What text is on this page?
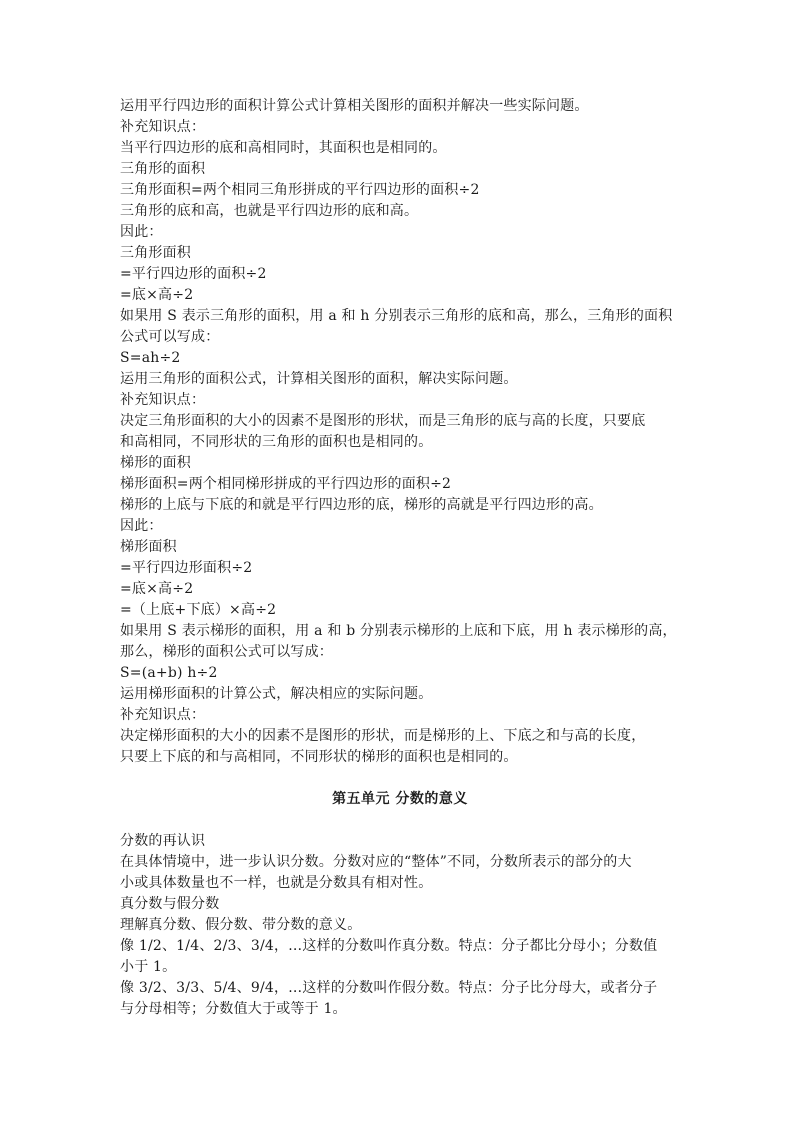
运用平行四边形的面积计算公式计算相关图形的面积并解决一些实际问题。
补充知识点：
当平行四边形的底和高相同时，其面积也是相同的。
三角形的面积
三角形面积=两个相同三角形拼成的平行四边形的面积÷2
三角形的底和高，也就是平行四边形的底和高。
因此：
三角形面积
=平行四边形的面积÷2
=底×高÷2
如果用 S 表示三角形的面积，用 a 和 h 分别表示三角形的底和高，那么，三角形的面积
公式可以写成：
S=ah÷2
运用三角形的面积公式，计算相关图形的面积，解决实际问题。
补充知识点：
决定三角形面积的大小的因素不是图形的形状，而是三角形的底与高的长度，只要底
和高相同，不同形状的三角形的面积也是相同的。
梯形的面积
梯形面积=两个相同梯形拼成的平行四边形的面积÷2
梯形的上底与下底的和就是平行四边形的底，梯形的高就是平行四边形的高。
因此：
梯形面积
=平行四边形面积÷2
=底×高÷2
=（上底+下底）×高÷2
如果用 S 表示梯形的面积，用 a 和 b 分别表示梯形的上底和下底，用 h 表示梯形的高，
那么，梯形的面积公式可以写成：
S=(a+b) h÷2
运用梯形面积的计算公式，解决相应的实际问题。
补充知识点：
决定梯形面积的大小的因素不是图形的形状，而是梯形的上、下底之和与高的长度，
只要上下底的和与高相同，不同形状的梯形的面积也是相同的。
第五单元 分数的意义
分数的再认识
在具体情境中，进一步认识分数。分数对应的“整体”不同，分数所表示的部分的大
小或具体数量也不一样，也就是分数具有相对性。
真分数与假分数
理解真分数、假分数、带分数的意义。
像 1/2、1/4、2/3、3/4，…这样的分数叫作真分数。特点：分子都比分母小；分数值
小于 1。
像 3/2、3/3、5/4、9/4，…这样的分数叫作假分数。特点：分子比分母大，或者分子
与分母相等；分数值大于或等于 1。
